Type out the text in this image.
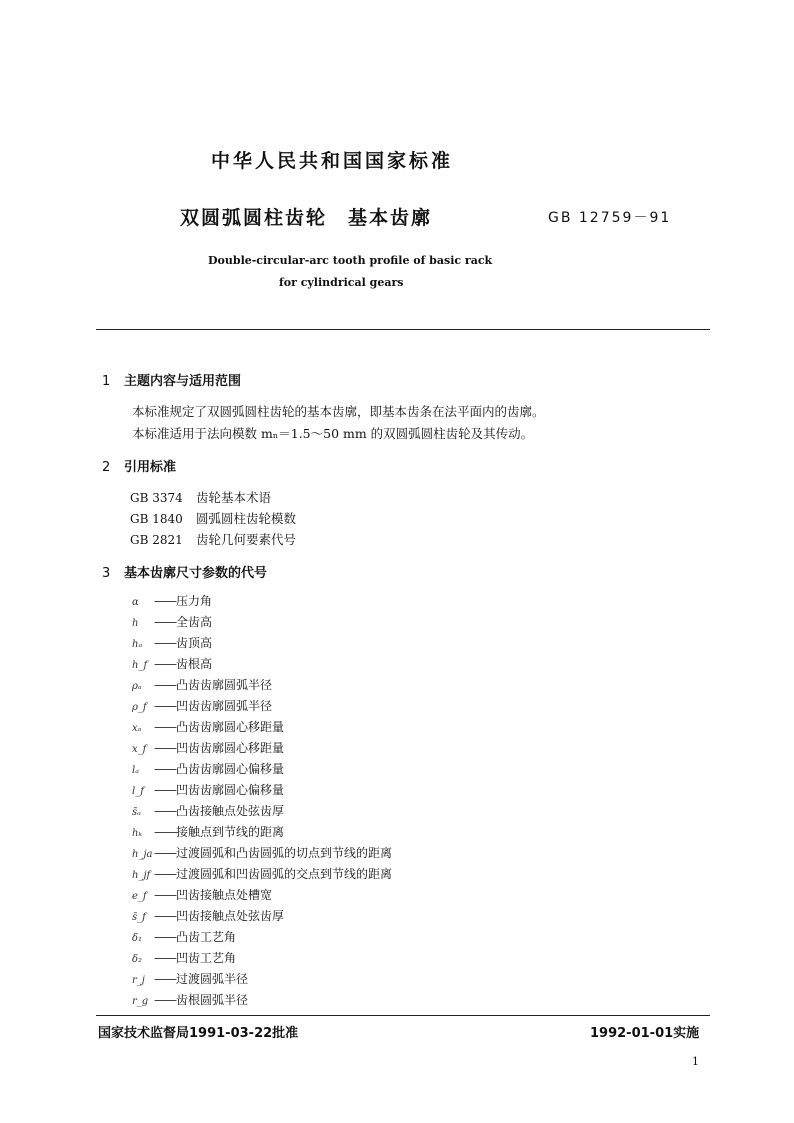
中华人民共和国国家标准
双圆弧圆柱齿轮　基本齿廓	GB 12759－91
Double-circular-arc tooth profile of basic rack
for cylindrical gears
1 主题内容与适用范围
本标准规定了双圆弧圆柱齿轮的基本齿廓，即基本齿条在法平面内的齿廓。
本标准适用于法向模数 mₙ＝1.5～50 mm 的双圆弧圆柱齿轮及其传动。
2 引用标准
GB 3374 齿轮基本术语
GB 1840 圆弧圆柱齿轮模数
GB 2821 齿轮几何要素代号
3 基本齿廓尺寸参数的代号
α ——压力角
h ——全齿高
hₐ ——齿顶高
h_f ——齿根高
ρₐ ——凸齿齿廓圆弧半径
ρ_f ——凹齿齿廓圆弧半径
xₐ ——凸齿齿廓圆心移距量
x_f ——凹齿齿廓圆心移距量
lₐ ——凸齿齿廓圆心偏移量
l_f ——凹齿齿廓圆心偏移量
s̄ₐ ——凸齿接触点处弦齿厚
hₖ ——接触点到节线的距离
h_ja——过渡圆弧和凸齿圆弧的切点到节线的距离
h_jf ——过渡圆弧和凹齿圆弧的交点到节线的距离
e_f ——凹齿接触点处槽宽
s̄_f ——凹齿接触点处弦齿厚
δ₁ ——凸齿工艺角
δ₂ ——凹齿工艺角
r_j ——过渡圆弧半径
r_g ——齿根圆弧半径
国家技术监督局1991-03-22批准	1992-01-01实施
1
